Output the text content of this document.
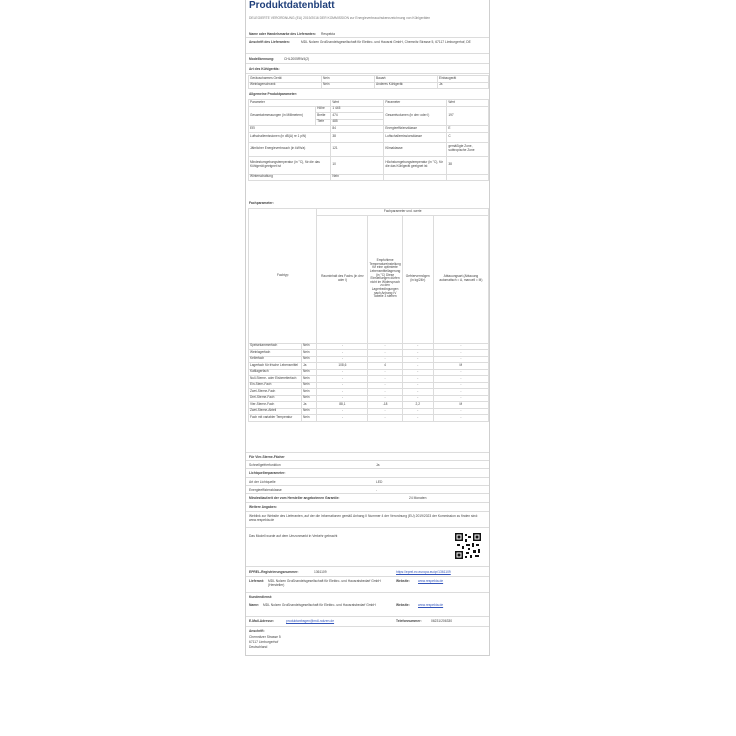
Produktdatenblatt
DELEGIERTE VERORDNUNG (EU) 2019/2016 DER KOMMISSION zur Energieverbrauchskennzeichnung von Kühlgeräten
Name oder Handelsmarke des Lieferanten: Respekta
Anschrift des Lieferanten:	MDL Nolzen Großhandelsgesellschaft für Elektro- und Hausrat GmbH, Chemnitz Strasse 5, 67117 Limburgerhof, DE
Modellkennung:	CHL2005RW4(2)
Art des Kühlgeräts:
Geräuscharmes Gerät	Nein	Bauart:	Einbaugerät
Weinlagerschrank	Nein	Anderes Kühlgerät:	Ja
Allgemeine Produktparameter:
Parameter		Wert	Parameter	Wert
Gesamtabmessungen (in Millimetern)	Höhe	1 445	Gesamtvolumen (in dm³ oder l)	197
	Breite	474		
	Tiefe	485		
EEI		84	Energieeffizienzklasse	E
Luftschallemissionen (in dB(A) re 1 pW)		38	Luftschallemissionsklasse	C
Jährlicher Energieverbrauch (in kWh/a)		121	Klimaklasse:	gemäßigte Zone, subtropische Zone
Mindestumgebungstemperatur (in °C), für die das Kühlgerät geeignet ist		10	Höchstumgebungstemperatur (in °C), für die das Kühlgerät geeignet ist	38
Winterschaltung		Nein		
Fachparameter:
Fachtyp		Fachparameter und -werte			
		Rauminhalt des Fachs (in dm³ oder l)	Empfohlene Temperatureinstellung für eine optimierte Lebensmittellagerung (in °C) Diese Einstellungen dürfen nicht im Widerspruch zu den Lagerbedingungen nach Anhang IV Tabelle 3 stehen	Gefriervermögen (in kg/24h)	Abtauungsart (Abtauung automatisch = A, manuell = M)
Speisekammerfach	Nein	-	-	-	-
Weinlagerfach	Nein	-	-	-	-
Kellerfach	Nein	-	-	-	-
Lagerfach für frische Lebensmittel	Ja	108,6	4	-	M
Kaltlagerfach	Nein	-	-	-	-
Null-Sterne- oder Eisbereiterfach	Nein	-	-	-	-
Ein-Stern-Fach	Nein	-	-	-	-
Zwei-Sterne-Fach	Nein	-	-	-	-
Drei-Sterne-Fach	Nein	-	-	-	-
Vier-Sterne-Fach	Ja	88,1	-18	2,2	M
Zwei-Sterne-Abteil	Nein	-	-	-	-
Fach mit variabler Temperatur	Nein	-	-	-	-
Für Vier-Sterne-Fächer
Schnellgefrierfunktion	Ja
Lichtquellenparameter:
Art der Lichtquelle	LED
Energieeffizienzklasse	-
Mindestlaufzeit der vom Hersteller angebotenen Garantie:	24 Monaten
Weitere Angaben:
Weblink zur Website des Lieferanten, auf der die Informationen gemäß Anhang II Nummer 4 der Verordnung (EU) 2019/2023 der Kommission zu finden sind: www.respekta.de
Das Modell wurde auf dem Umzonmarkt in Verkehr gebracht
EPREL-Registrierungsnummer:	1361109	https://eprel.ec.europa.eu/qr/1361109
Lieferant: MDL Nolzen Großhandelsgesellschaft für Elektro- und Hausratsbedarf GmbH (Hersteller)
Website:	www.respekta.de
Kundendienst:
Name: MDL Nolzen Großhandelsgesellschaft für Elektro- und Hausratsbedarf GmbH	Website:	www.respekta.de
E-Mail-Adresse:	produktanfragen@mdl-nolzen.de	Telefonnummer:	06231/206330
Anschrift:
Chemnitzer Strasse 5
67117 Limburgerhof
Deutschland
